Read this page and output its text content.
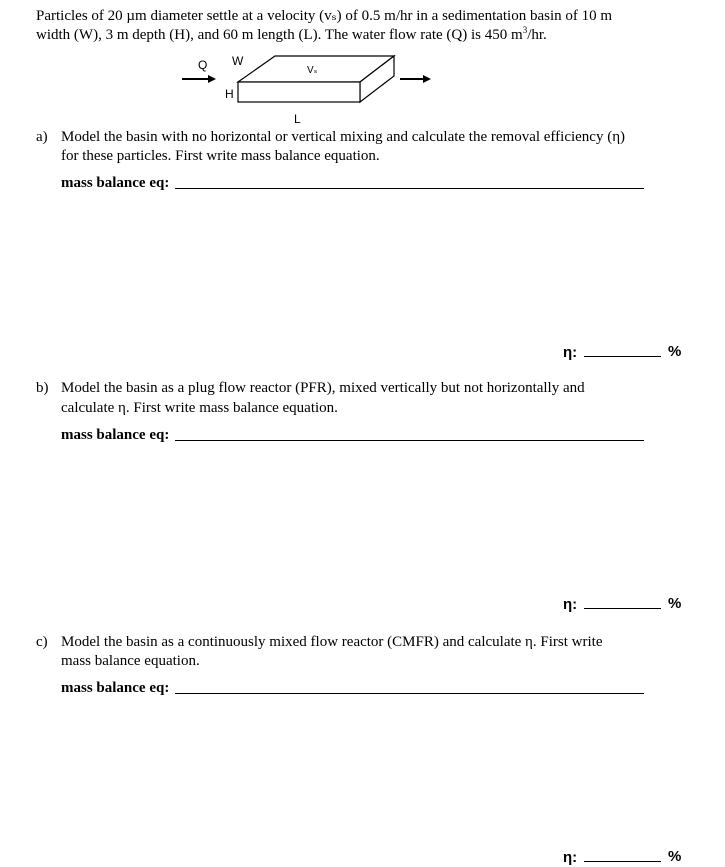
Particles of 20 µm diameter settle at a velocity (vₛ) of 0.5 m/hr in a sedimentation basin of 10 m
width (W), 3 m depth (H), and 60 m length (L). The water flow rate (Q) is 450 $m^3/hr$.
Q W
H
Vₛ
L
a) Model the basin with no horizontal or vertical mixing and calculate the removal efficiency (η)
for these particles. First write mass balance equation.
mass balance eq:
η:	%
b) Model the basin as a plug flow reactor (PFR), mixed vertically but not horizontally and
calculate η. First write mass balance equation.
mass balance eq:
η:	%
c) Model the basin as a continuously mixed flow reactor (CMFR) and calculate η. First write
mass balance equation.
mass balance eq:
η:	%
